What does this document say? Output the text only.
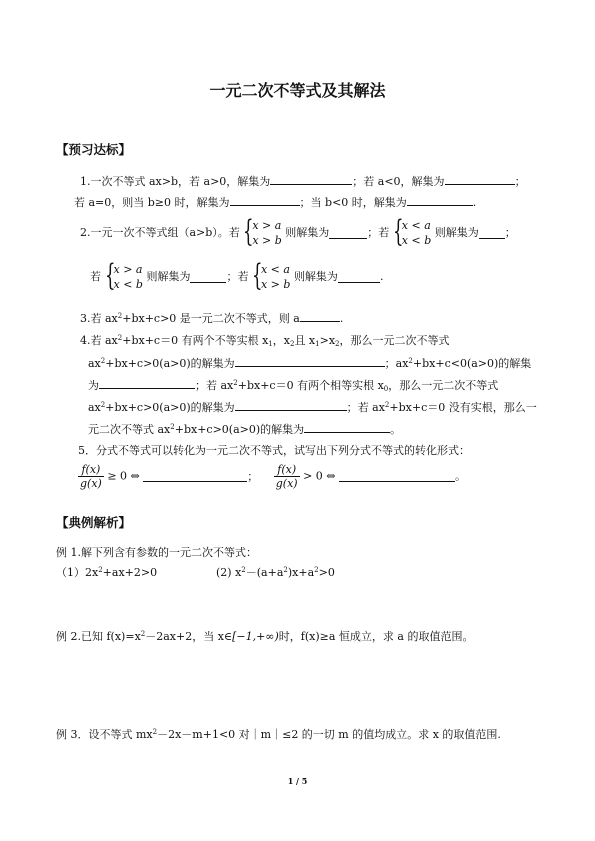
一元二次不等式及其解法
【预习达标】
1.一次不等式 ax>b，若 a>0，解集为	；若 a<0，解集为	；
若 a=0，则当 b≥0 时，解集为	；当 b<0 时，解集为	.
2.一元一次不等式组（a>b）。若 {
x > a
x > b
则解集为	；若 {
x < a
x < b
则解集为 ；
若 {
x > a
x < b
则解集为	；若 {
x < a
x > b
则解集为	.
3.若 $ax^2+bx+c>0$ 是一元二次不等式，则 a	.
4.若 $ax^2+bx+c=0$ 有两个不等实根 $x_1$，$x_2$且 $x_1>x_2$，那么一元二次不等式
$ax^2+bx+c>0(a>0)$的解集为	；$ax^2+bx+c<0(a>0)$的解集
为	；若 $ax^2+bx+c=0$ 有两个相等实根 $x_0$，那么一元二次不等式
$ax^2+bx+c>0(a>0)$的解集为	；若 $ax^2+bx+c=0$ 没有实根，那么一
元二次不等式 $ax^2+bx+c>0(a>0)$的解集为	。
5．分式不等式可以转化为一元二次不等式，试写出下列分式不等式的转化形式：
$\frac{f(x)}{g(x)} \ge 0$ ⇔	； $\frac{f(x)}{g(x)} > 0$ ⇔	。
【典例解析】
例 1.解下列含有参数的一元二次不等式：
$(1)2x^2+ax+2>0$	(2) $x^2-(a+a^2)x+a^2>0$
例 2.已知 $f(x)=x^2-2ax+2$，当 x∈[−1,+∞)时，f(x)≥a 恒成立，求 a 的取值范围。
例 3．设不等式 $mx^2-2x-m+1<0$ 对｜m｜≤2 的一切 m 的值均成立。求 x 的取值范围.
1 / 5
